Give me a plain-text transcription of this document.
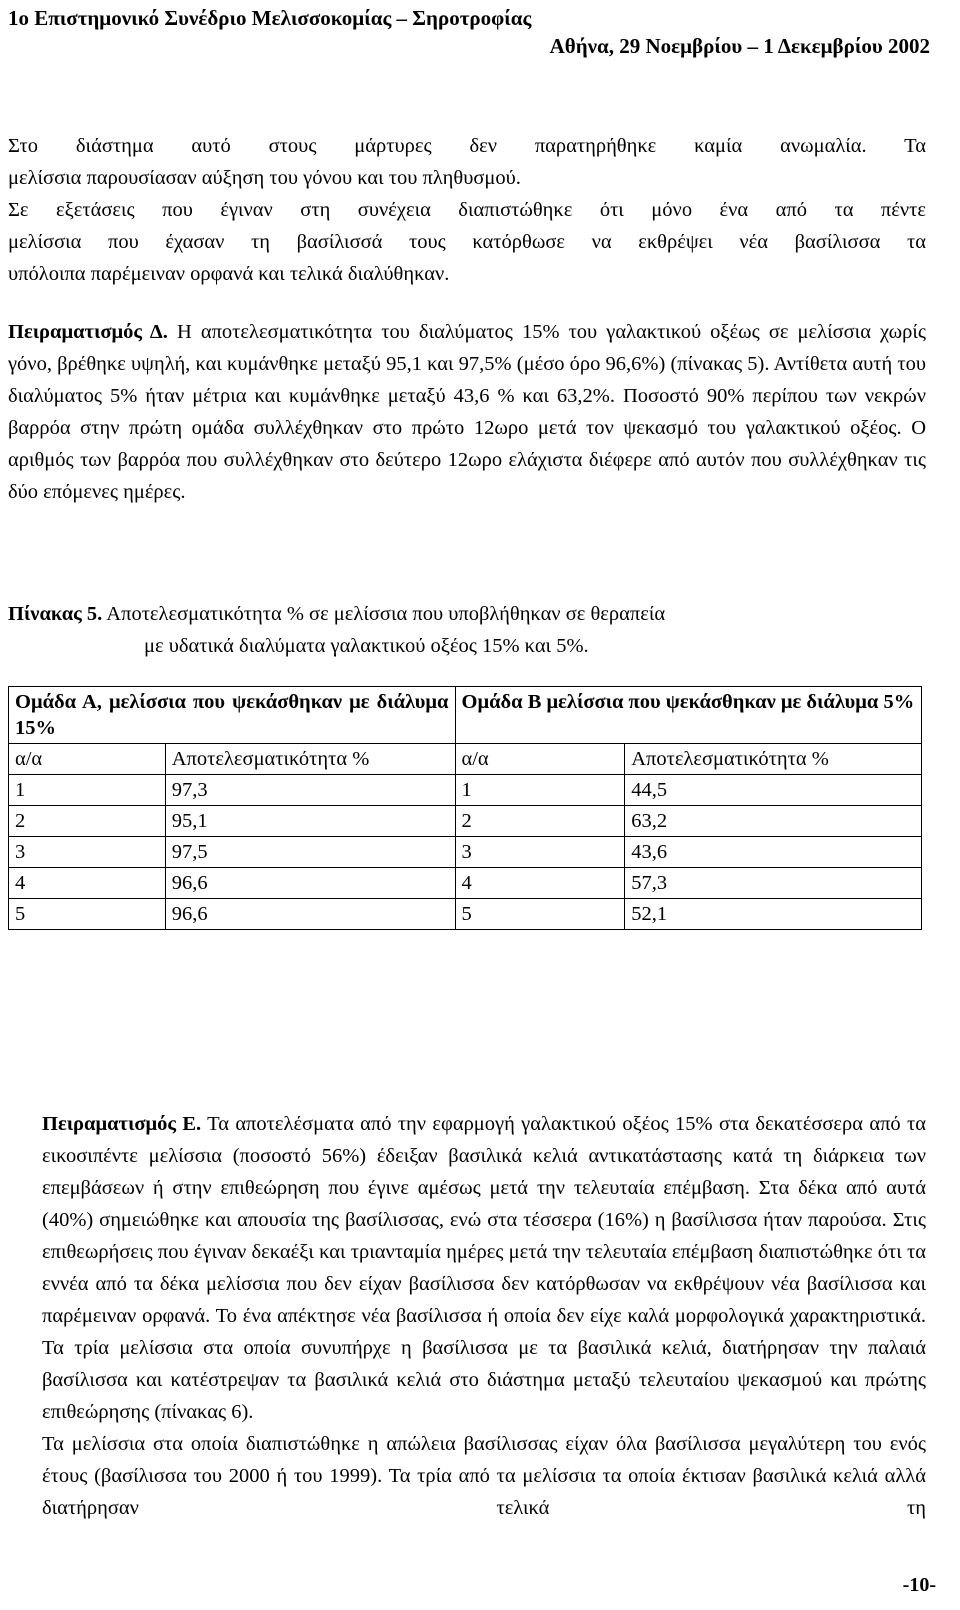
1ο Επιστημονικό Συνέδριο Μελισσοκομίας – Σηροτροφίας
Αθήνα, 29 Νοεμβρίου – 1 Δεκεμβρίου 2002
Στο διάστημα αυτό στους μάρτυρες δεν παρατηρήθηκε καμία ανωμαλία. Τα
μελίσσια παρουσίασαν αύξηση του γόνου και του πληθυσμού.
Σε εξετάσεις που έγιναν στη συνέχεια διαπιστώθηκε ότι μόνο ένα από τα πέντε
μελίσσια που έχασαν τη βασίλισσά τους κατόρθωσε να εκθρέψει νέα βασίλισσα τα
υπόλοιπα παρέμειναν ορφανά και τελικά διαλύθηκαν.
Πειραματισμός Δ. Η αποτελεσματικότητα του διαλύματος 15% του γαλακτικού οξέως σε μελίσσια χωρίς γόνο, βρέθηκε υψηλή, και κυμάνθηκε μεταξύ 95,1 και 97,5% (μέσο όρο 96,6%) (πίνακας 5). Αντίθετα αυτή του διαλύματος 5% ήταν μέτρια και κυμάνθηκε μεταξύ 43,6 % και 63,2%. Ποσοστό 90% περίπου των νεκρών βαρρόα στην πρώτη ομάδα συλλέχθηκαν στο πρώτο 12ωρο μετά τον ψεκασμό του γαλακτικού οξέος. Ο αριθμός των βαρρόα που συλλέχθηκαν στο δεύτερο 12ωρο ελάχιστα διέφερε από αυτόν που συλλέχθηκαν τις δύο επόμενες ημέρες.
Πίνακας 5. Αποτελεσματικότητα % σε μελίσσια που υποβλήθηκαν σε θεραπεία
με υδατικά διαλύματα γαλακτικού οξέος 15% και 5%.
Ομάδα Α, μελίσσια που ψεκάσθηκαν με διάλυμα 15%		Ομάδα Β μελίσσια που ψεκάσθηκαν με διάλυμα 5%	
α/α	Αποτελεσματικότητα %	α/α	Αποτελεσματικότητα %
1	97,3	1	44,5
2	95,1	2	63,2
3	97,5	3	43,6
4	96,6	4	57,3
5	96,6	5	52,1
Πειραματισμός Ε. Τα αποτελέσματα από την εφαρμογή γαλακτικού οξέος 15% στα δεκατέσσερα από τα εικοσιπέντε μελίσσια (ποσοστό 56%) έδειξαν βασιλικά κελιά αντικατάστασης κατά τη διάρκεια των επεμβάσεων ή στην επιθεώρηση που έγινε αμέσως μετά την τελευταία επέμβαση. Στα δέκα από αυτά (40%) σημειώθηκε και απουσία της βασίλισσας, ενώ στα τέσσερα (16%) η βασίλισσα ήταν παρούσα. Στις επιθεωρήσεις που έγιναν δεκαέξι και τριανταμία ημέρες μετά την τελευταία επέμβαση διαπιστώθηκε ότι τα εννέα από τα δέκα μελίσσια που δεν είχαν βασίλισσα δεν κατόρθωσαν να εκθρέψουν νέα βασίλισσα και παρέμειναν ορφανά. Το ένα απέκτησε νέα βασίλισσα ή οποία δεν είχε καλά μορφολογικά χαρακτηριστικά. Τα τρία μελίσσια στα οποία συνυπήρχε η βασίλισσα με τα βασιλικά κελιά, διατήρησαν την παλαιά βασίλισσα και κατέστρεψαν τα βασιλικά κελιά στο διάστημα μεταξύ τελευταίου ψεκασμού και πρώτης επιθεώρησης (πίνακας 6).
Τα μελίσσια στα οποία διαπιστώθηκε η απώλεια βασίλισσας είχαν όλα βασίλισσα μεγαλύτερη του ενός έτους (βασίλισσα του 2000 ή του 1999). Τα τρία από τα μελίσσια τα οποία έκτισαν βασιλικά κελιά αλλά διατήρησαν τελικά τη
-10-
